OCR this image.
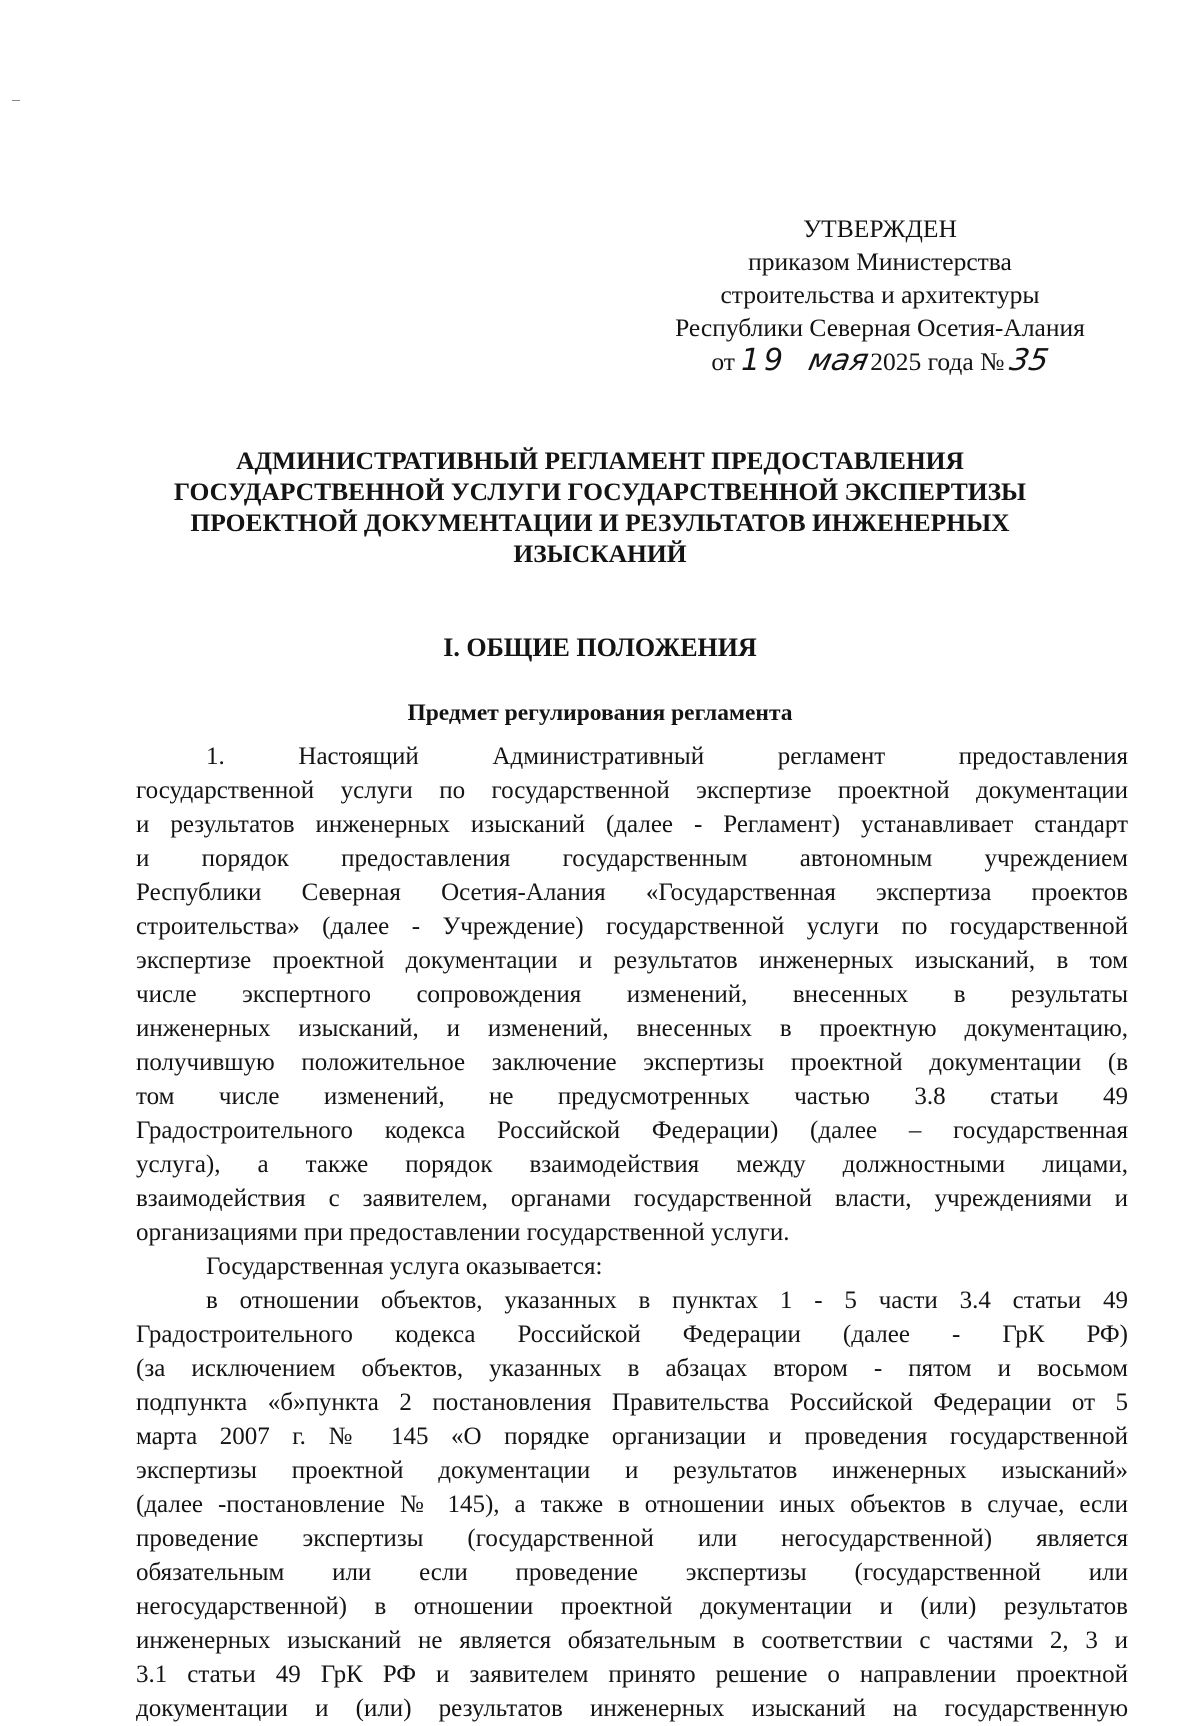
УТВЕРЖДЕН
приказом Министерства
строительства и архитектуры
Республики Северная Осетия-Алания
от 19 мая2025 года №35
АДМИНИСТРАТИВНЫЙ РЕГЛАМЕНТ ПРЕДОСТАВЛЕНИЯ
ГОСУДАРСТВЕННОЙ УСЛУГИ ГОСУДАРСТВЕННОЙ ЭКСПЕРТИЗЫ
ПРОЕКТНОЙ ДОКУМЕНТАЦИИ И РЕЗУЛЬТАТОВ ИНЖЕНЕРНЫХ
ИЗЫСКАНИЙ
I. ОБЩИЕ ПОЛОЖЕНИЯ
Предмет регулирования регламента
1. Настоящий Административный регламент предоставления
государственной услуги по государственной экспертизе проектной документации
и результатов инженерных изысканий (далее - Регламент) устанавливает стандарт
и порядок предоставления государственным автономным учреждением
Республики Северная Осетия-Алания «Государственная экспертиза проектов
строительства» (далее - Учреждение) государственной услуги по государственной
экспертизе проектной документации и результатов инженерных изысканий, в том
числе экспертного сопровождения изменений, внесенных в результаты
инженерных изысканий, и изменений, внесенных в проектную документацию,
получившую положительное заключение экспертизы проектной документации (в
том числе изменений, не предусмотренных частью 3.8 статьи 49
Градостроительного кодекса Российской Федерации) (далее – государственная
услуга), а также порядок взаимодействия между должностными лицами,
взаимодействия с заявителем, органами государственной власти, учреждениями и
организациями при предоставлении государственной услуги.
Государственная услуга оказывается:
в отношении объектов, указанных в пунктах 1 - 5 части 3.4 статьи 49
Градостроительного кодекса Российской Федерации (далее - ГрК РФ)
(за исключением объектов, указанных в абзацах втором - пятом и восьмом
подпункта «б»пункта 2 постановления Правительства Российской Федерации от 5
марта 2007 г. № 145 «О порядке организации и проведения государственной
экспертизы проектной документации и результатов инженерных изысканий»
(далее -постановление № 145), а также в отношении иных объектов в случае, если
проведение экспертизы (государственной или негосударственной) является
обязательным или если проведение экспертизы (государственной или
негосударственной) в отношении проектной документации и (или) результатов
инженерных изысканий не является обязательным в соответствии с частями 2, 3 и
3.1 статьи 49 ГрК РФ и заявителем принято решение о направлении проектной
документации и (или) результатов инженерных изысканий на государственную
